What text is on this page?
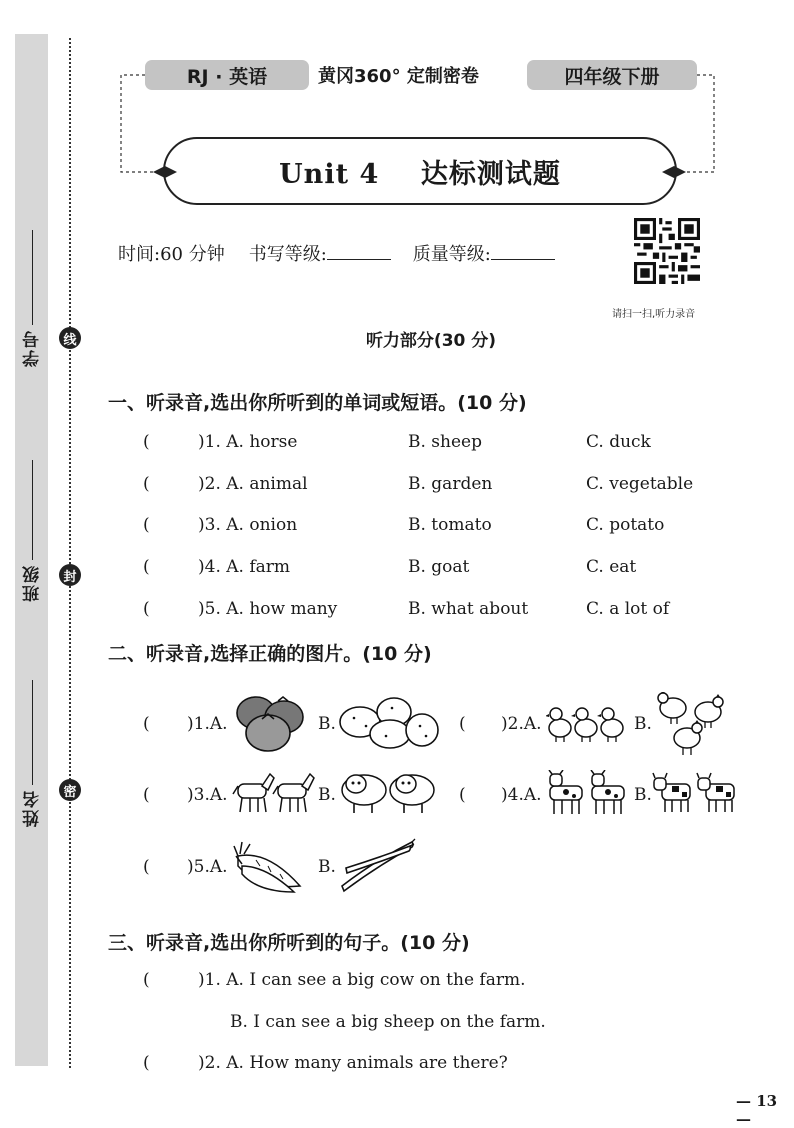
学号
班级
姓名
线
封
密
RJ · 英语	黄冈360° 定制密卷	四年级下册
Unit 4    达标测试题
时间:60 分钟 书写等级:	质量等级:
请扫一扫,听力录音
听力部分(30 分)
一、听录音,选出你所听到的单词或短语。(10 分)
(	)1. A. horse	B. sheep	C. duck
(	)2. A. animal	B. garden	C. vegetable
(	)3. A. onion	B. tomato	C. potato
(	)4. A. farm	B. goat	C. eat
(	)5. A. how many	B. what about	C. a lot of
二、听录音,选择正确的图片。(10 分)
( )1.A.	B.	( )2.A.	B.
( )3.A.	B.	( )4.A.	B.
( )5.A.	B.
三、听录音,选出你所听到的句子。(10 分)
(	)1. A. I can see a big cow on the farm.
B. I can see a big sheep on the farm.
(	)2. A. How many animals are there?
— 13 —
